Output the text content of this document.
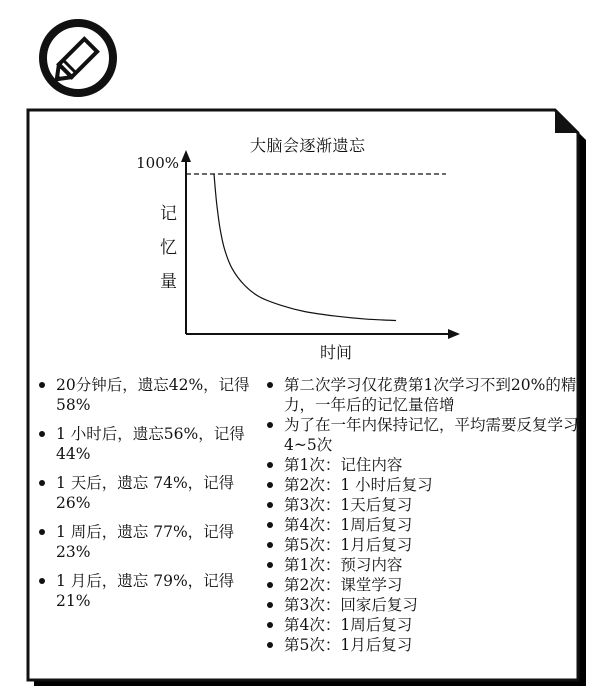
大脑会逐渐遗忘
100%
记
忆
量
时间
20分钟后，遗忘42%，记得58%
1 小时后，遗忘56%，记得 44%
1 天后，遗忘 74%，记得26%
1 周后，遗忘 77%，记得23%
1 月后，遗忘 79%，记得21%
第二次学习仅花费第1次学习不到20%的精力，一年后的记忆量倍增
为了在一年内保持记忆，平均需要反复学习4~5次
第1次：记住内容
第2次：1 小时后复习
第3次：1天后复习
第4次：1周后复习
第5次：1月后复习
第1次：预习内容
第2次：课堂学习
第3次：回家后复习
第4次：1周后复习
第5次：1月后复习
